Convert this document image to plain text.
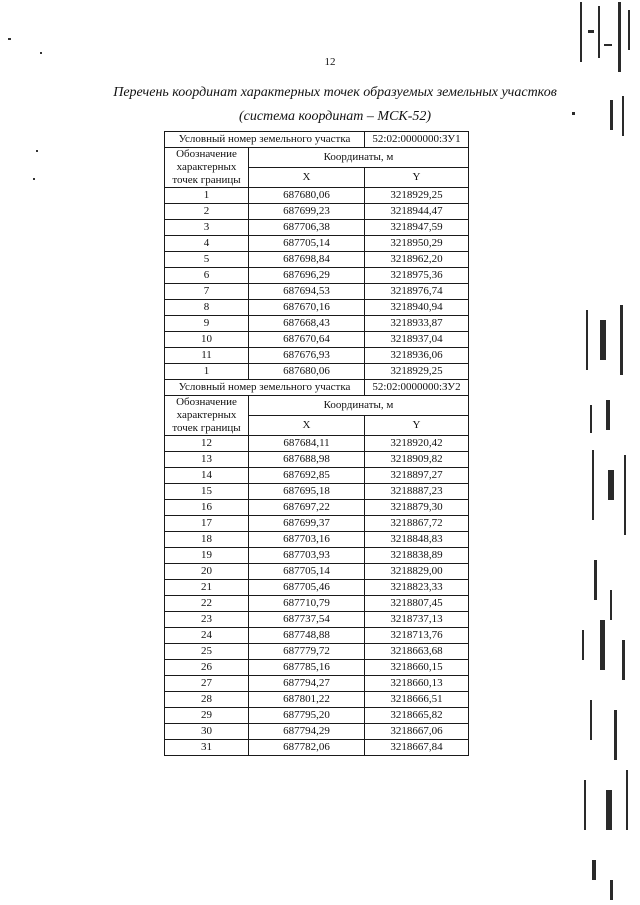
12
Перечень координат характерных точек образуемых земельных участков
(система координат – МСК-52)
Условный номер земельного участка		52:02:0000000:ЗУ1
Обозначение характерных точек границы	Координаты, м	
	X	Y
1	687680,06	3218929,25
2	687699,23	3218944,47
3	687706,38	3218947,59
4	687705,14	3218950,29
5	687698,84	3218962,20
6	687696,29	3218975,36
7	687694,53	3218976,74
8	687670,16	3218940,94
9	687668,43	3218933,87
10	687670,64	3218937,04
11	687676,93	3218936,06
1	687680,06	3218929,25
Условный номер земельного участка		52:02:0000000:ЗУ2
Обозначение характерных точек границы	Координаты, м	
	X	Y
12	687684,11	3218920,42
13	687688,98	3218909,82
14	687692,85	3218897,27
15	687695,18	3218887,23
16	687697,22	3218879,30
17	687699,37	3218867,72
18	687703,16	3218848,83
19	687703,93	3218838,89
20	687705,14	3218829,00
21	687705,46	3218823,33
22	687710,79	3218807,45
23	687737,54	3218737,13
24	687748,88	3218713,76
25	687779,72	3218663,68
26	687785,16	3218660,15
27	687794,27	3218660,13
28	687801,22	3218666,51
29	687795,20	3218665,82
30	687794,29	3218667,06
31	687782,06	3218667,84
